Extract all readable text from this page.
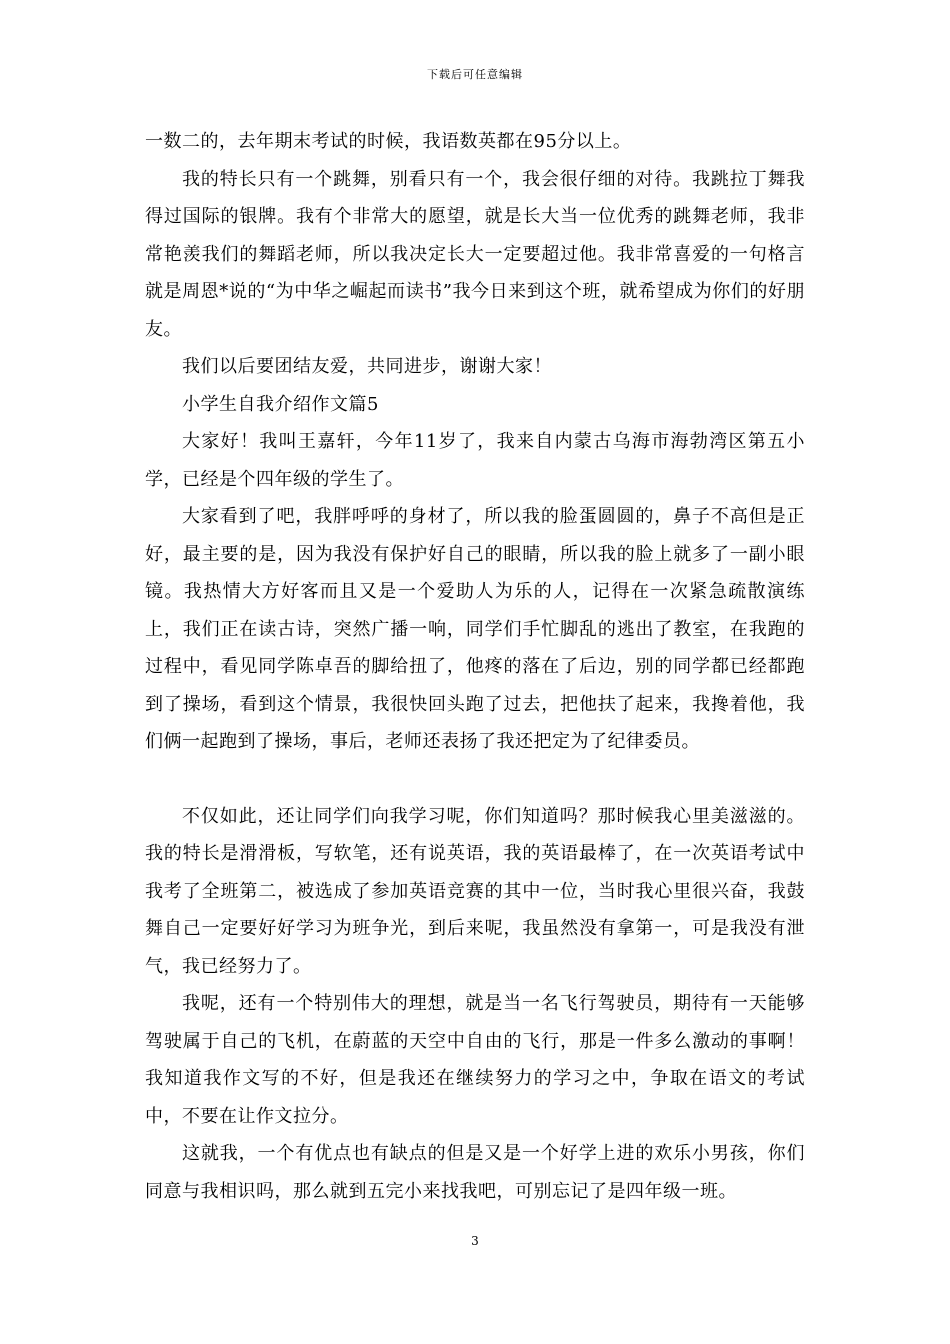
下载后可任意编辑

一数二的，去年期末考试的时候，我语数英都在95分以上。

我的特长只有一个跳舞，别看只有一个，我会很仔细的对待。我跳拉丁舞我得过国际的银牌。我有个非常大的愿望，就是长大当一位优秀的跳舞老师，我非常艳羡我们的舞蹈老师，所以我决定长大一定要超过他。我非常喜爱的一句格言就是周恩*说的“为中华之崛起而读书”我今日来到这个班，就希望成为你们的好朋友。

我们以后要团结友爱，共同进步，谢谢大家！

小学生自我介绍作文篇5

大家好！我叫王嘉轩，今年11岁了，我来自内蒙古乌海市海勃湾区第五小学，已经是个四年级的学生了。

大家看到了吧，我胖呼呼的身材了，所以我的脸蛋圆圆的，鼻子不高但是正好，最主要的是，因为我没有保护好自己的眼睛，所以我的脸上就多了一副小眼镜。我热情大方好客而且又是一个爱助人为乐的人，记得在一次紧急疏散演练上，我们正在读古诗，突然广播一响，同学们手忙脚乱的逃出了教室，在我跑的过程中，看见同学陈卓吾的脚给扭了，他疼的落在了后边，别的同学都已经都跑到了操场，看到这个情景，我很快回头跑了过去，把他扶了起来，我搀着他，我们俩一起跑到了操场，事后，老师还表扬了我还把定为了纪律委员。

不仅如此，还让同学们向我学习呢，你们知道吗？那时候我心里美滋滋的。我的特长是滑滑板，写软笔，还有说英语，我的英语最棒了，在一次英语考试中我考了全班第二，被选成了参加英语竞赛的其中一位，当时我心里很兴奋，我鼓舞自己一定要好好学习为班争光，到后来呢，我虽然没有拿第一，可是我没有泄气，我已经努力了。

我呢，还有一个特别伟大的理想，就是当一名飞行驾驶员，期待有一天能够驾驶属于自己的飞机，在蔚蓝的天空中自由的飞行，那是一件多么激动的事啊！我知道我作文写的不好，但是我还在继续努力的学习之中，争取在语文的考试中，不要在让作文拉分。

这就我，一个有优点也有缺点的但是又是一个好学上进的欢乐小男孩，你们同意与我相识吗，那么就到五完小来找我吧，可别忘记了是四年级一班。

3
